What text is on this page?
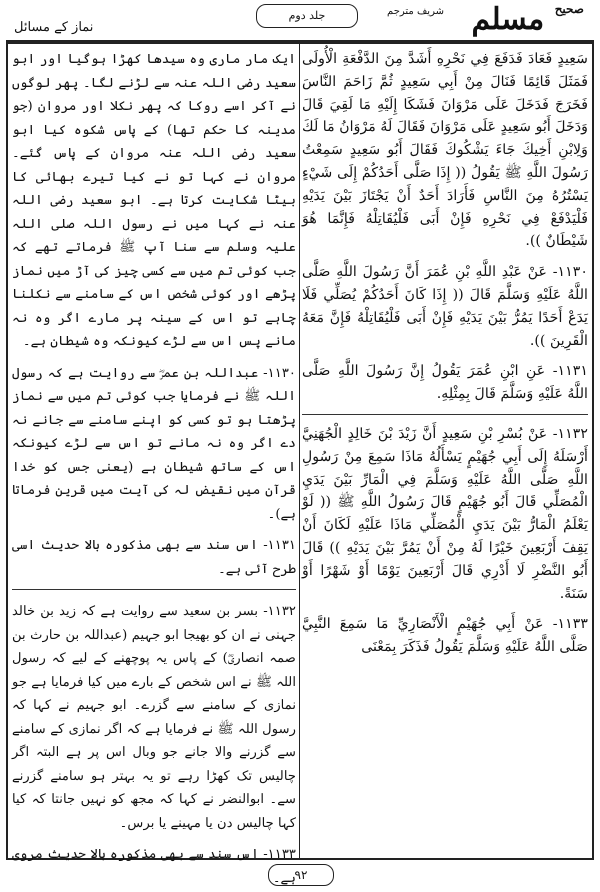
نماز کے مسائل
جلد دوم	شریف مترجم	$^{صحیح}$ مسلم

سَعِيدٍ فَعَادَ فَدَفَعَ فِي نَحْرِهِ أَشَدَّ مِنَ الدَّفْعَةِ الْأُولَى فَمَثَلَ قَائِمًا فَنَالَ مِنْ أَبِي سَعِيدٍ ثُمَّ زَاحَمَ النَّاسَ فَخَرَجَ فَدَخَلَ عَلَى مَرْوَانَ فَشَكَا إِلَيْهِ مَا لَقِيَ قَالَ وَدَخَلَ أَبُو سَعِيدٍ عَلَى مَرْوَانَ فَقَالَ لَهُ مَرْوَانُ مَا لَكَ وَلِابْنِ أَخِيكَ جَاءَ يَشْكُوكَ فَقَالَ أَبُو سَعِيدٍ سَمِعْتُ رَسُولَ اللَّهِ ﷺ يَقُولُ (( إِذَا صَلَّى أَحَدُكُمْ إِلَى شَيْءٍ يَسْتُرُهُ مِنَ النَّاسِ فَأَرَادَ أَحَدٌ أَنْ يَجْتَازَ بَيْنَ يَدَيْهِ فَلْيَدْفَعْ فِي نَحْرِهِ فَإِنْ أَبَى فَلْيُقَاتِلْهُ فَإِنَّمَا هُوَ شَيْطَانٌ )).

١١٣٠- عَنْ عَبْدِ اللَّهِ بْنِ عُمَرَ أَنَّ رَسُولَ اللَّهِ صَلَّى اللَّهُ عَلَيْهِ وَسَلَّمَ قَالَ (( إِذَا كَانَ أَحَدُكُمْ يُصَلِّي فَلَا يَدَعْ أَحَدًا يَمُرُّ بَيْنَ يَدَيْهِ فَإِنْ أَبَى فَلْيُقَاتِلْهُ فَإِنَّ مَعَهُ الْقَرِينَ )).

١١٣١- عَنِ ابْنِ عُمَرَ يَقُولُ إِنَّ رَسُولَ اللَّهِ صَلَّى اللَّهُ عَلَيْهِ وَسَلَّمَ قَالَ بِمِثْلِهِ.

١١٣٢- عَنْ بُسْرِ بْنِ سَعِيدٍ أَنَّ زَيْدَ بْنَ خَالِدٍ الْجُهَنِيَّ أَرْسَلَهُ إِلَى أَبِي جُهَيْمٍ يَسْأَلُهُ مَاذَا سَمِعَ مِنْ رَسُولِ اللَّهِ صَلَّى اللَّهُ عَلَيْهِ وَسَلَّمَ فِي الْمَارِّ بَيْنَ يَدَيِ الْمُصَلِّي قَالَ أَبُو جُهَيْمٍ قَالَ رَسُولُ اللَّهِ ﷺ (( لَوْ يَعْلَمُ الْمَارُّ بَيْنَ يَدَيِ الْمُصَلِّي مَاذَا عَلَيْهِ لَكَانَ أَنْ يَقِفَ أَرْبَعِينَ خَيْرًا لَهُ مِنْ أَنْ يَمُرَّ بَيْنَ يَدَيْهِ )) قَالَ أَبُو النَّضْرِ لَا أَدْرِي قَالَ أَرْبَعِينَ يَوْمًا أَوْ شَهْرًا أَوْ سَنَةً.

١١٣٣- عَنْ أَبِي جُهَيْمٍ الْأَنْصَارِيِّ مَا سَمِعَ النَّبِيَّ صَلَّى اللَّهُ عَلَيْهِ وَسَلَّمَ يَقُولُ فَذَكَرَ بِمَعْنَى

ایک مار ماری وہ سیدھا کھڑا ہوگیا اور ابو سعید رضی اللہ عنہ سے لڑنے لگا۔ پھر لوگوں نے آکر اسے روکا کہ پھر نکلا اور مروان (جو مدینہ کا حکم تھا) کے پاس شکوہ کیا ابو سعید رضی اللہ عنہ مروان کے پاس گئے۔ مروان نے کہا تو نے کیا تیرے بھائی کا بیٹا شکایت کرتا ہے۔ ابو سعید رضی اللہ عنہ نے کہا میں نے رسول اللہ صلی اللہ علیہ وسلم سے سنا آپ ﷺ فرماتے تھے کہ جب کوئی تم میں سے کسی چیز کی آڑ میں نماز پڑھے اور کوئی شخص اس کے سامنے سے نکلنا چاہے تو اس کے سینہ پر مارے اگر وہ نہ مانے پس اس سے لڑے کیونکہ وہ شیطان ہے۔

١١٣٠- عبداللہ بن عمرؓ سے روایت ہے کہ رسول اللہ ﷺ نے فرمایا جب کوئی تم میں سے نماز پڑھتا ہو تو کسی کو اپنے سامنے سے جانے نہ دے اگر وہ نہ مانے تو اس سے لڑے کیونکہ اس کے ساتھ شیطان ہے (یعنی جس کو خدا قرآن میں نقیض لہ کی آیت میں قرین فرماتا ہے)۔

١١٣١- اس سند سے بھی مذکورہ بالا حدیث اسی طرح آئی ہے۔

١١٣٢- بسر بن سعید سے روایت ہے کہ زید بن خالد جہنی نے ان کو بھیجا ابو جہیم (عبداللہ بن حارث بن صمہ انصاریؓ) کے پاس یہ پوچھنے کے لیے کہ رسول اللہ ﷺ نے اس شخص کے بارے میں کیا فرمایا ہے جو نمازی کے سامنے سے گزرے۔ ابو جہیم نے کہا کہ رسول اللہ ﷺ نے فرمایا ہے کہ اگر نمازی کے سامنے سے گزرنے والا جانے جو وبال اس پر ہے البتہ اگر چالیس تک کھڑا رہے تو یہ بہتر ہو سامنے گزرنے سے۔ ابوالنضر نے کہا کہ مجھ کو نہیں جانتا کہ کیا کہا چالیس دن یا مہینے یا برس۔

١١٣٣- اس سند سے بھی مذکورہ بالا حدیث مروی ہے۔

٩٢
